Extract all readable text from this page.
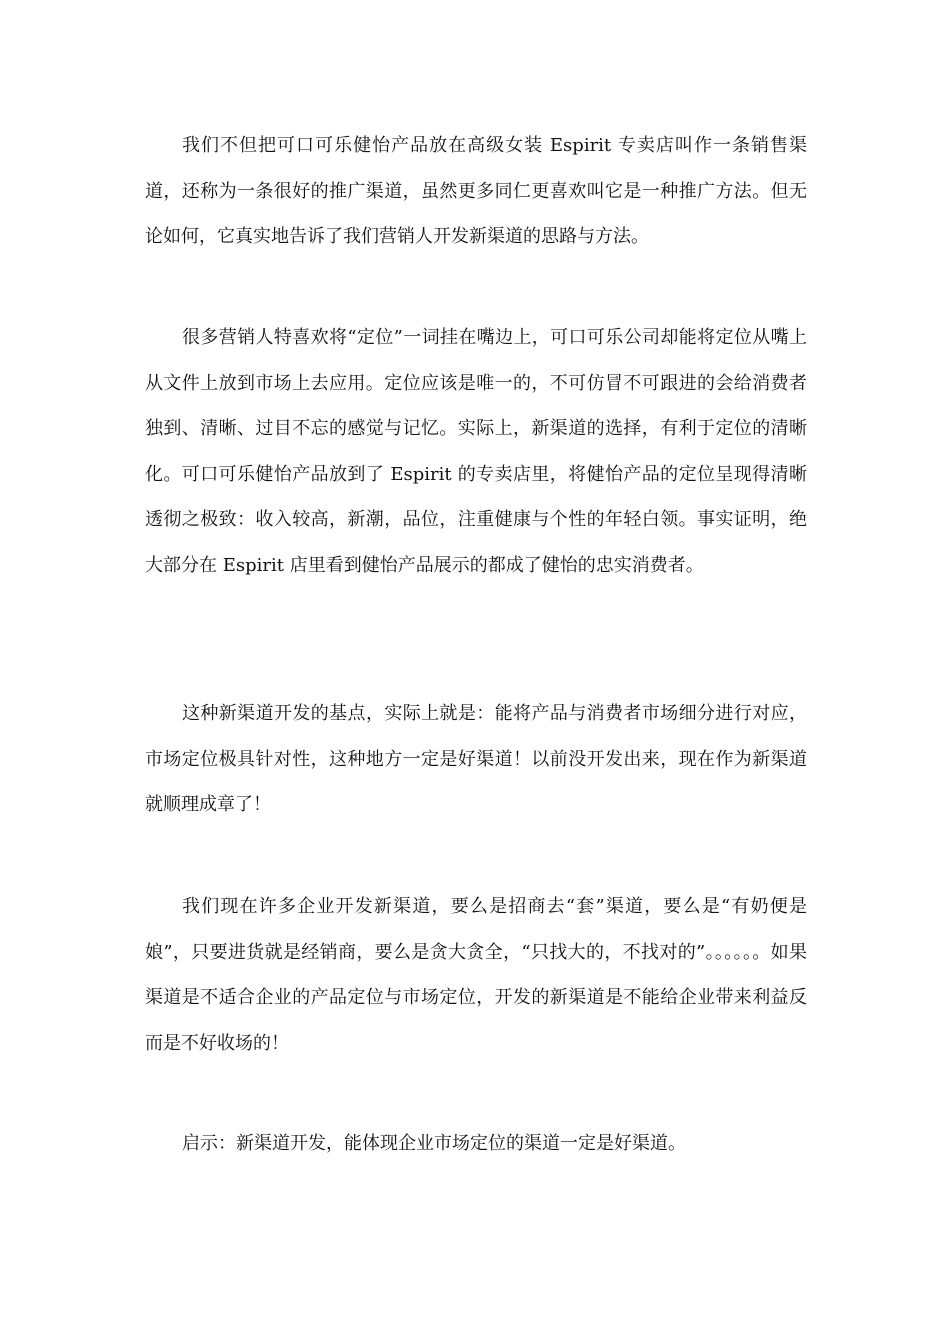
我们不但把可口可乐健怡产品放在高级女装 Espirit 专卖店叫作一条销售渠道，还称为一条很好的推广渠道，虽然更多同仁更喜欢叫它是一种推广方法。但无论如何，它真实地告诉了我们营销人开发新渠道的思路与方法。

很多营销人特喜欢将“定位”一词挂在嘴边上，可口可乐公司却能将定位从嘴上从文件上放到市场上去应用。定位应该是唯一的，不可仿冒不可跟进的会给消费者独到、清晰、过目不忘的感觉与记忆。实际上，新渠道的选择，有利于定位的清晰化。可口可乐健怡产品放到了 Espirit 的专卖店里，将健怡产品的定位呈现得清晰透彻之极致：收入较高，新潮，品位，注重健康与个性的年轻白领。事实证明，绝大部分在 Espirit 店里看到健怡产品展示的都成了健怡的忠实消费者。

这种新渠道开发的基点，实际上就是：能将产品与消费者市场细分进行对应，市场定位极具针对性，这种地方一定是好渠道！以前没开发出来，现在作为新渠道就顺理成章了！

我们现在许多企业开发新渠道，要么是招商去“套”渠道，要么是“有奶便是娘”，只要进货就是经销商，要么是贪大贪全，“只找大的，不找对的”。。。。。。如果渠道是不适合企业的产品定位与市场定位，开发的新渠道是不能给企业带来利益反而是不好收场的！

启示：新渠道开发，能体现企业市场定位的渠道一定是好渠道。
